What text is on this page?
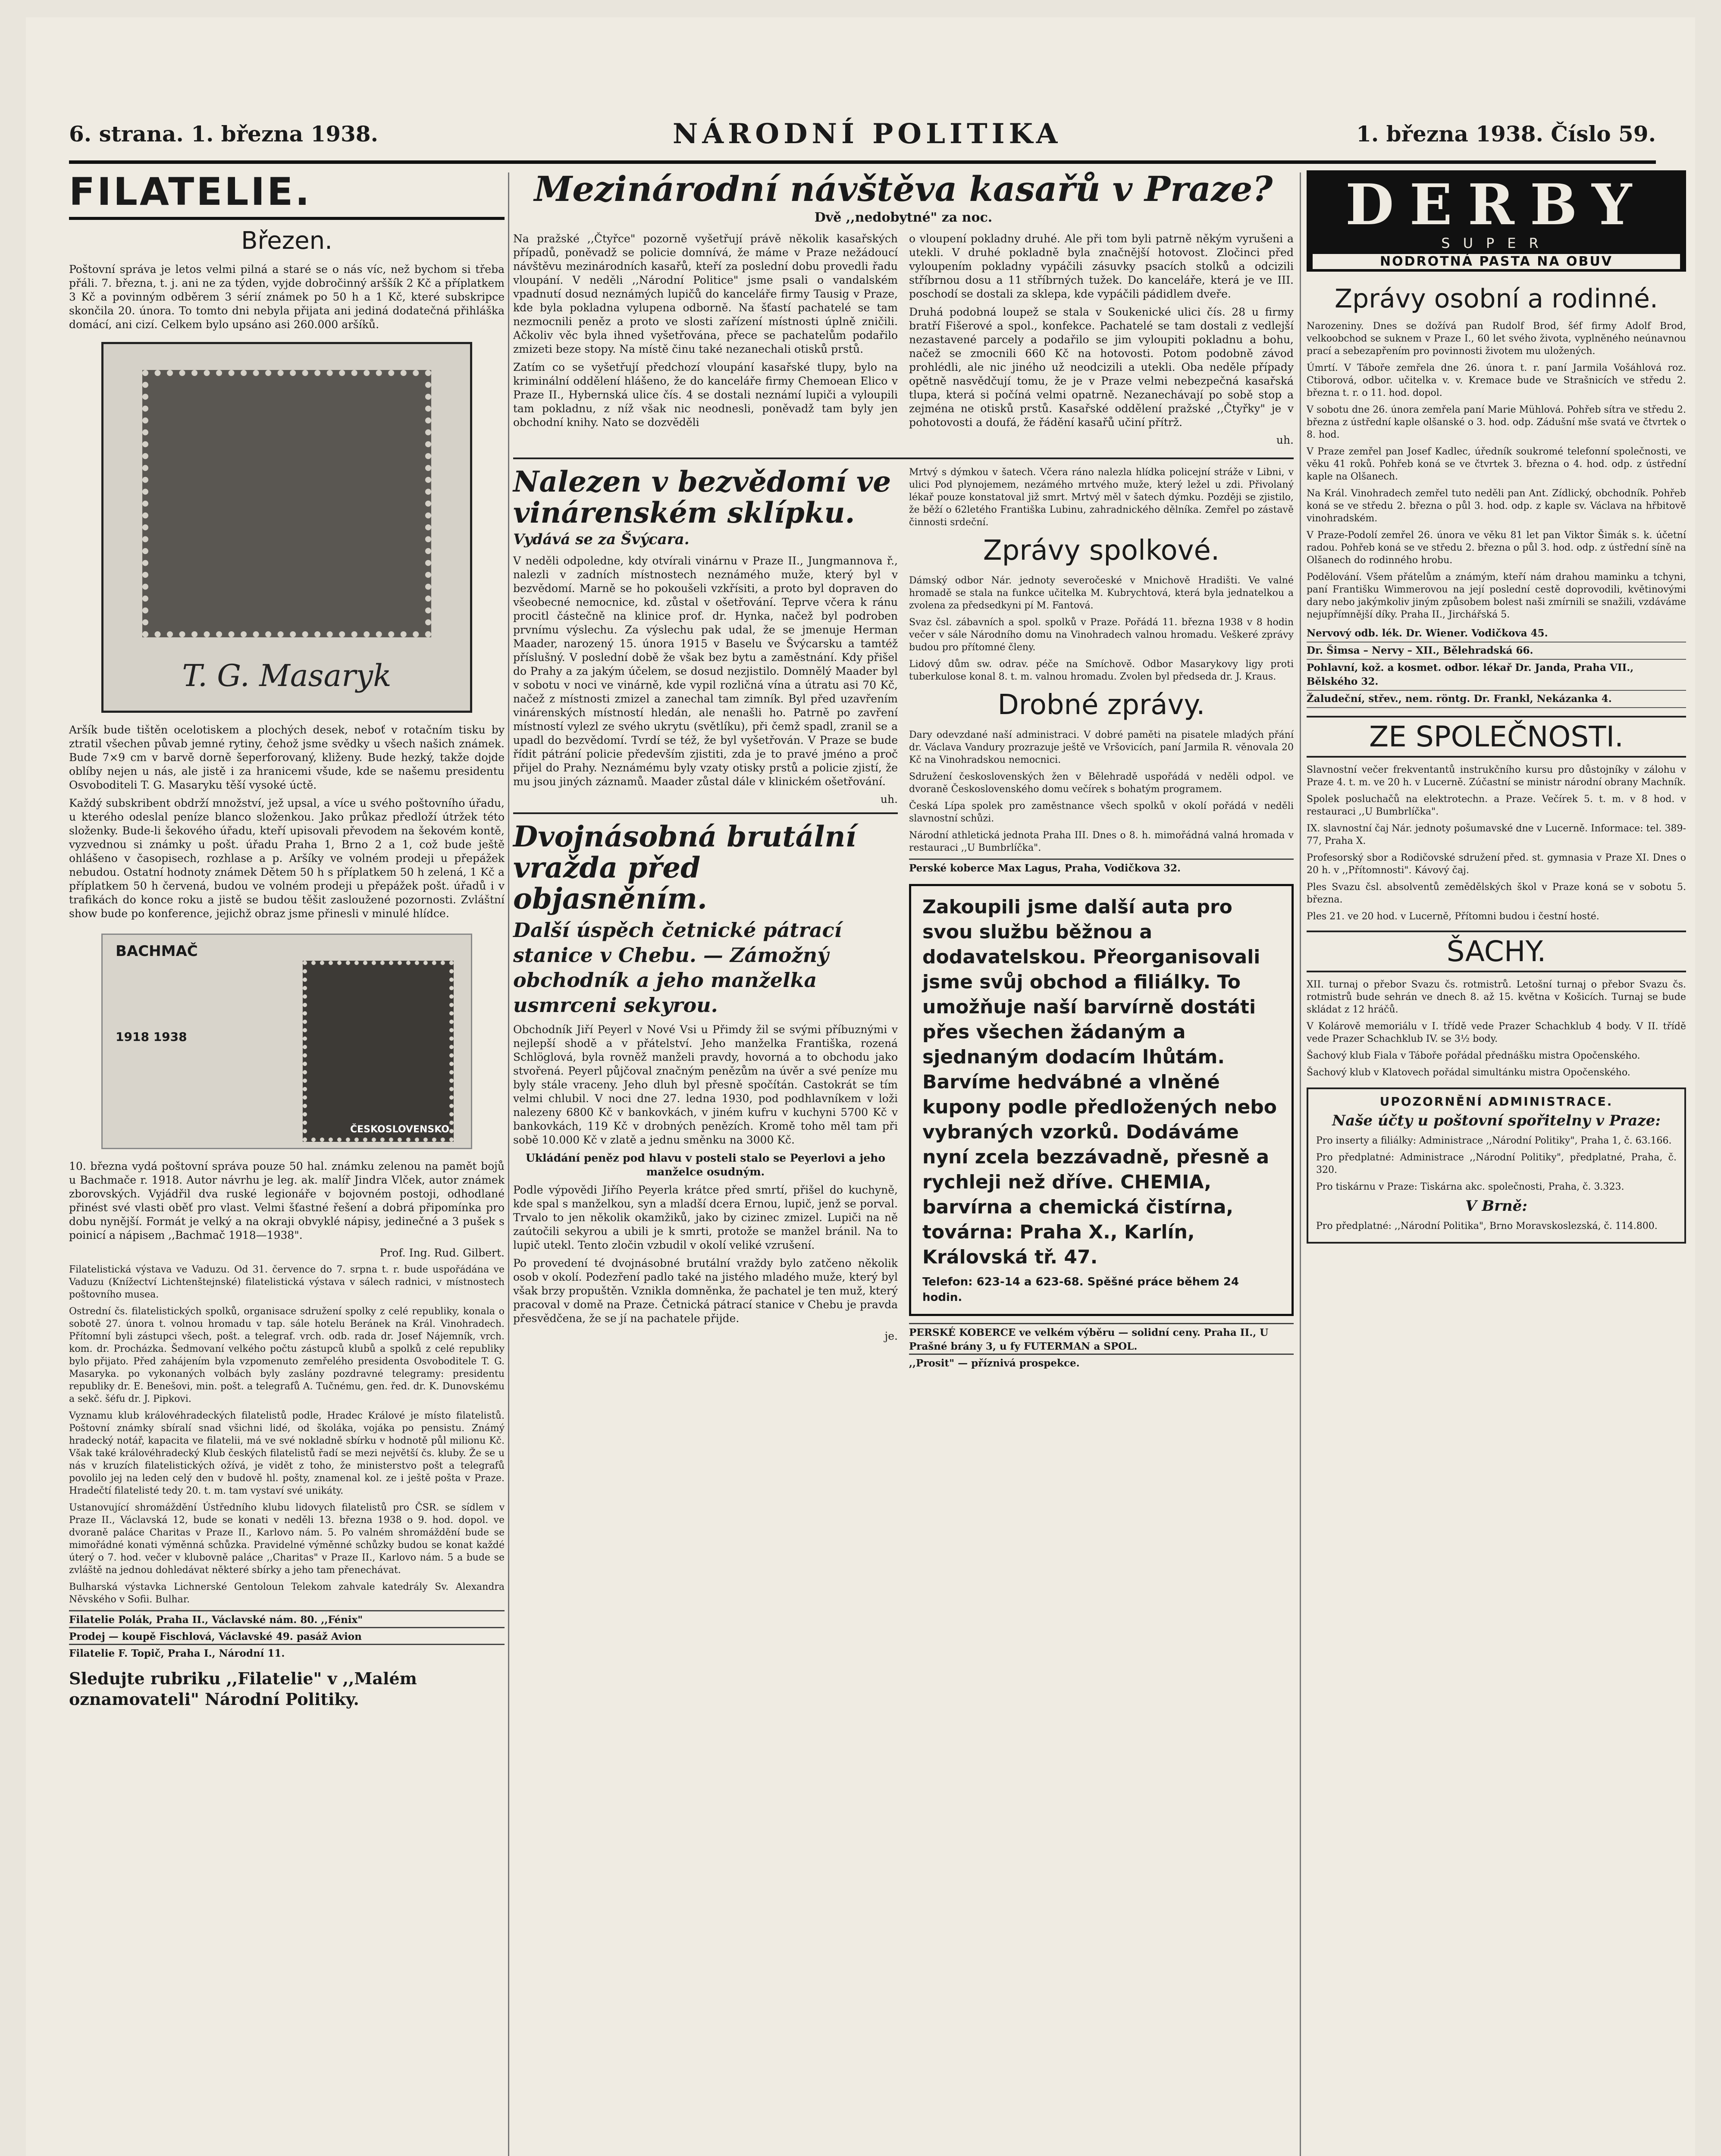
6. strana. 1. března 1938.	NÁRODNÍ POLITIKA	1. března 1938. Číslo 59.
FILATELIE.
Březen.

Poštovní správa je letos velmi pilná a staré se o nás víc, než bychom si třeba přáli. 7. března, t. j. ani ne za týden, vyjde dobročinný arššík 2 Kč a příplatkem 3 Kč a povinným odběrem 3 sérií známek po 50 h a 1 Kč, které subskripce skončila 20. února. To tomto dni nebyla přijata ani jediná dodatečná přihláška domácí, ani cizí. Celkem bylo upsáno asi 260.000 aršíků.

T. G. Masaryk

Aršík bude tištěn ocelotiskem a plochých desek, neboť v rotačním tisku by ztratil všechen půvab jemné rytiny, čehož jsme svědky u všech našich známek. Bude 7×9 cm v barvě dorně šeperforovaný, kliženy. Bude hezký, takže dojde oblíby nejen u nás, ale jistě i za hranicemi všude, kde se našemu presidentu Osvoboditeli T. G. Masaryku těší vysoké úctě.

Každý subskribent obdrží množství, jež upsal, a více u svého poštovního úřadu, u kterého odeslal peníze blanco složenkou. Jako průkaz předloží útržek této složenky. Bude-li šekového úřadu, kteří upisovali převodem na šekovém kontě, vyzvednou si známky u pošt. úřadu Praha 1, Brno 2 a 1, což bude ještě ohlášeno v časopisech, rozhlase a p. Aršíky ve volném prodeji u přepážek nebudou. Ostatní hodnoty známek Dětem 50 h s příplatkem 50 h zelená, 1 Kč a příplatkem 50 h červená, budou ve volném prodeji u přepážek pošt. úřadů i v trafikách do konce roku a jistě se budou těšit zasloužené pozornosti. Zvláštní show bude po konference, jejichž obraz jsme přinesli v minulé hlídce.

BACHMAČ
1918 1938
ČESKOSLOVENSKO

10. března vydá poštovní správa pouze 50 hal. známku zelenou na pamět bojů u Bachmače r. 1918. Autor návrhu je leg. ak. malíř Jindra Vlček, autor známek zborovských. Vyjádřil dva ruské legionáře v bojovném postoji, odhodlané přinést své vlasti oběť pro vlast. Velmi šťastné řešení a dobrá připomínka pro dobu nynější. Formát je velký a na okraji obvyklé nápisy, jedinečné a 3 pušek s poinicí a nápisem ,,Bachmač 1918—1938".

Prof. Ing. Rud. Gilbert.

Filatelistická výstava ve Vaduzu. Od 31. července do 7. srpna t. r. bude uspořádána ve Vaduzu (Knížectví Lichtenštejnské) filatelistická výstava v sálech radnici, v místnostech poštovního musea.

Ostrední čs. filatelistických spolků, organisace sdružení spolky z celé republiky, konala o sobotě 27. února t. volnou hromadu v tap. sále hotelu Beránek na Král. Vinohradech. Přítomní byli zástupci všech, pošt. a telegraf. vrch. odb. rada dr. Josef Nájemník, vrch. kom. dr. Procházka. Šedmovaní velkého počtu zástupců klubů a spolků z celé republiky bylo přijato. Před zahájením byla vzpomenuto zemřelého presidenta Osvoboditele T. G. Masaryka. po vykonaných volbách byly zaslány pozdravné telegramy: presidentu republiky dr. E. Benešovi, min. pošt. a telegrafů A. Tučnému, gen. řed. dr. K. Dunovskému a sekč. šéfu dr. J. Pipkovi.

Vyznamu klub královéhradeckých filatelistů podle, Hradec Králové je místo filatelistů. Poštovní známky sbíralí snad všichni lidé, od školáka, vojáka po pensistu. Známý hradecký notář, kapacita ve filatelii, má ve své nokladně sbírku v hodnotě půl milionu Kč. Však také královéhradecký Klub českých filatelistů řadí se mezi největší čs. kluby. Že se u nás v kruzích filatelistických ožívá, je vidět z toho, že ministerstvo pošt a telegrafů povolilo jej na leden celý den v budově hl. pošty, znamenal kol. ze i ještě pošta v Praze. Hradečtí filatelisté tedy 20. t. m. tam vystaví své unikáty.

Ustanovující shromáždění Ústředního klubu lidovych filatelistů pro ČSR. se sídlem v Praze II., Václavská 12, bude se konati v neděli 13. března 1938 o 9. hod. dopol. ve dvoraně paláce Charitas v Praze II., Karlovo nám. 5. Po valném shromáždění bude se mimořádné konati výměnná schůzka. Pravidelné výměnné schůzky budou se konat každé úterý o 7. hod. večer v klubovně paláce ,,Charitas" v Praze II., Karlovo nám. 5 a bude se zvláště na jednou dohledávat některé sbírky a jeho tam přenechávat.

Bulharská výstavka Lichnerské Gentoloun Telekom zahvale katedrály Sv. Alexandra Něvského v Sofii. Bulhar.

Filatelie Polák, Praha II., Václavské nám. 80. ,,Fénix"
Prodej — koupě Fischlová, Václavské 49. pasáž Avion
Filatelie F. Topič, Praha I., Národní 11.
Sledujte rubriku ,,Filatelie" v ,,Malém oznamovateli" Národní Politiky.
Mezinárodní návštěva kasařů v Praze?
Dvě ,,nedobytné" za noc.

Na pražské ,,Čtyřce" pozorně vyšetřují právě několik kasařských případů, poněvadž se policie domnívá, že máme v Praze nežádoucí návštěvu mezinárodních kasařů, kteří za poslední dobu provedli řadu vloupání. V neděli ,,Národní Politice" jsme psali o vandalském vpadnutí dosud neznámých lupičů do kanceláře firmy Tausig v Praze, kde byla pokladna vylupena odborně. Na šťastí pachatelé se tam nezmocnili peněz a proto ve slosti zařízení místnosti úplně zničili. Ačkoliv věc byla ihned vyšetřována, přece se pachatelům podařilo zmizeti beze stopy. Na místě činu také nezanechali otisků prstů.

Zatím co se vyšetřují předchozí vloupání kasařské tlupy, bylo na kriminální oddělení hlášeno, že do kanceláře firmy Chemoean Elico v Praze II., Hybernská ulice čís. 4 se dostali neznámí lupiči a vyloupili tam pokladnu, z níž však nic neodnesli, poněvadž tam byly jen obchodní knihy. Nato se dozvěděli

o vloupení pokladny druhé. Ale při tom byli patrně někým vyrušeni a utekli. V druhé pokladně byla značnější hotovost. Zločinci před vyloupením pokladny vypáčili zásuvky psacích stolků a odcizili stříbrnou dosu a 11 stříbrných tužek. Do kanceláře, která je ve III. poschodí se dostali za sklepa, kde vypáčili pádidlem dveře.

Druhá podobná loupež se stala v Soukenické ulici čís. 28 u firmy bratří Fišerové a spol., konfekce. Pachatelé se tam dostali z vedlejší nezastavené parcely a podařilo se jim vyloupiti pokladnu a bohu, načež se zmocnili 660 Kč na hotovosti. Potom podobně závod prohlédli, ale nic jiného už neodcizili a utekli. Oba neděle případy opětně nasvědčují tomu, že je v Praze velmi nebezpečná kasařská tlupa, která si počíná velmi opatrně. Nezanechávají po sobě stop a zejména ne otisků prstů. Kasařské oddělení pražské ,,Čtyřky" je v pohotovosti a doufá, že řádění kasařů učiní přítrž.

uh.
Nalezen v bezvědomí ve vinárenském sklípku.
Vydává se za Švýcara.

V neděli odpoledne, kdy otvírali vinárnu v Praze II., Jungmannova ř., nalezli v zadních místnostech neznámého muže, který byl v bezvědomí. Marně se ho pokoušeli vzkřísiti, a proto byl dopraven do všeobecné nemocnice, kd. zůstal v ošetřování. Teprve včera k ránu procitl částečně na klinice prof. dr. Hynka, načež byl podroben prvnímu výslechu. Za výslechu pak udal, že se jmenuje Herman Maader, narozený 15. února 1915 v Baselu ve Švýcarsku a tamtéž příslušný. V poslední době že však bez bytu a zaměstnání. Kdy přišel do Prahy a za jakým účelem, se dosud nezjistilo. Domnělý Maader byl v sobotu v noci ve vinárně, kde vypil rozličná vína a útratu asi 70 Kč, načež z místnosti zmizel a zanechal tam zimník. Byl před uzavřením vinárenských místností hledán, ale nenašli ho. Patrně po zavření místností vylezl ze svého ukrytu (světlíku), při čemž spadl, zranil se a upadl do bezvědomí. Tvrdí se též, že byl vyšetřován. V Praze se bude řídit pátrání policie především zjistiti, zda je to pravé jméno a proč přijel do Prahy. Neznámému byly vzaty otisky prstů a policie zjistí, že mu jsou jiných záznamů. Maader zůstal dále v klinickém ošetřování.

uh.
Dvojnásobná brutální vražda před objasněním.
Další úspěch četnické pátrací stanice v Chebu. — Zámožný obchodník a jeho manželka usmrceni sekyrou.

Obchodník Jiří Peyerl v Nové Vsi u Přimdy žil se svými příbuznými v nejlepší shodě a v přátelství. Jeho manželka Františka, rozená Schlöglová, byla rovněž manželi pravdy, hovorná a to obchodu jako stvořená. Peyerl půjčoval značným penězům na úvěr a své peníze mu byly stále vraceny. Jeho dluh byl přesně spočítán. Castokrát se tím velmi chlubil. V noci dne 27. ledna 1930, pod podhlavníkem v loži nalezeny 6800 Kč v bankovkách, v jiném kufru v kuchyni 5700 Kč v bankovkách, 119 Kč v drobných penězích. Kromě toho měl tam při sobě 10.000 Kč v zlatě a jednu směnku na 3000 Kč.

Ukládání peněz pod hlavu v posteli stalo se Peyerlovi a jeho manželce osudným.

Podle výpovědi Jiřího Peyerla krátce před smrtí, přišel do kuchyně, kde spal s manželkou, syn a mladší dcera Ernou, lupič, jenž se porval. Trvalo to jen několik okamžiků, jako by cizinec zmizel. Lupiči na ně zaútočili sekyrou a ubili je k smrti, protože se manžel bránil. Na to lupič utekl. Tento zločin vzbudil v okolí veliké vzrušení.

Po provedení té dvojnásobné brutální vraždy bylo zatčeno několik osob v okolí. Podezření padlo také na jistého mladého muže, který byl však brzy propuštěn. Vznikla domněnka, že pachatel je ten muž, který pracoval v domě na Praze. Četnická pátrací stanice v Chebu je pravda přesvědčena, že se jí na pachatele přijde.

je.

Mrtvý s dýmkou v šatech. Včera ráno nalezla hlídka policejní stráže v Libni, v ulici Pod plynojemem, nezámého mrtvého muže, který ležel u zdi. Přivolaný lékař pouze konstatoval již smrt. Mrtvý měl v šatech dýmku. Později se zjistilo, že běží o 62letého Františka Lubinu, zahradnického dělníka. Zemřel po zástavě činnosti srdeční.

Zprávy spolkové.

Dámský odbor Nár. jednoty severočeské v Mnichově Hradišti. Ve valné hromadě se stala na funkce učitelka M. Kubrychtová, která byla jednatelkou a zvolena za předsedkyni pí M. Fantová.

Svaz čsl. zábavních a spol. spolků v Praze. Pořádá 11. března 1938 v 8 hodin večer v sále Národního domu na Vinohradech valnou hromadu. Veškeré zprávy budou pro přítomné členy.

Lidový dům sw. odrav. péče na Smíchově. Odbor Masarykovy ligy proti tuberkulose konal 8. t. m. valnou hromadu. Zvolen byl předseda dr. J. Kraus.

Drobné zprávy.

Dary odevzdané naší administraci. V dobré paměti na pisatele mladých přání dr. Václava Vandury prozrazuje ještě ve Vršovicích, paní Jarmila R. věnovala 20 Kč na Vinohradskou nemocnici.

Sdružení československých žen v Bělehradě uspořádá v neděli odpol. ve dvoraně Československého domu večírek s bohatým programem.

Česká Lípa spolek pro zaměstnance všech spolků v okolí pořádá v neděli slavnostní schůzi.

Národní athletická jednota Praha III. Dnes o 8. h. mimořádná valná hromada v restauraci ,,U Bumbrlíčka".

Perské koberce Max Lagus, Praha, Vodičkova 32.
Zakoupili jsme další auta pro svou službu běžnou a dodavatelskou. Přeorganisovali jsme svůj obchod a filiálky. To umožňuje naší barvírně dostáti přes všechen žádaným a sjednaným dodacím lhůtám. Barvíme hedvábné a vlněné kupony podle předložených nebo vybraných vzorků. Dodáváme nyní zcela bezzávadně, přesně a rychleji než dříve. CHEMIA, barvírna a chemická čistírna, továrna: Praha X., Karlín, Královská tř. 47.
Telefon: 623-14 a 623-68. Spěšné práce během 24 hodin.
PERSKÉ KOBERCE ve velkém výběru — solidní ceny. Praha II., U Prašné brány 3, u fy FUTERMAN a SPOL.
,,Prosit" — příznivá prospekce.
DERBY
SUPER
NODROTNÁ PASTA NA OBUV
Zprávy osobní a rodinné.

Narozeniny. Dnes se dožívá pan Rudolf Brod, šéf firmy Adolf Brod, velkoobchod se suknem v Praze I., 60 let svého života, vyplněného neúnavnou prací a sebezapřením pro povinnosti životem mu uložených.

Úmrtí. V Táboře zemřela dne 26. února t. r. paní Jarmila Vošáhlová roz. Ctiborová, odbor. učitelka v. v. Kremace bude ve Strašnicích ve středu 2. března t. r. o 11. hod. dopol.

V sobotu dne 26. února zemřela paní Marie Mühlová. Pohřeb sítra ve středu 2. března z ústřední kaple olšanské o 3. hod. odp. Zádušní mše svatá ve čtvrtek o 8. hod.

V Praze zemřel pan Josef Kadlec, úředník soukromé telefonní společnosti, ve věku 41 roků. Pohřeb koná se ve čtvrtek 3. března o 4. hod. odp. z ústřední kaple na Olšanech.

Na Král. Vinohradech zemřel tuto neděli pan Ant. Zídlický, obchodník. Pohřeb koná se ve středu 2. března o půl 3. hod. odp. z kaple sv. Václava na hřbitově vinohradském.

V Praze-Podolí zemřel 26. února ve věku 81 let pan Viktor Šimák s. k. účetní radou. Pohřeb koná se ve středu 2. března o půl 3. hod. odp. z ústřední síně na Olšanech do rodinného hrobu.

Podělování. Všem přátelům a známým, kteří nám drahou maminku a tchyni, paní Františku Wimmerovou na její poslední cestě doprovodili, květinovými dary nebo jakýmkoliv jiným způsobem bolest naši zmírnili se snažili, vzdáváme nejupřímnější díky. Praha II., Jirchářská 5.

Nervový odb. lék. Dr. Wiener. Vodičkova 45.
Dr. Šimsa – Nervy – XII., Bělehradská 66.
Pohlavní, kož. a kosmet. odbor. lékař Dr. Janda, Praha VII., Bělského 32.
Žaludeční, střev., nem. röntg. Dr. Frankl, Nekázanka 4.
ZE SPOLEČNOSTI.

Slavnostní večer frekventantů instrukčního kursu pro důstojníky v zálohu v Praze 4. t. m. ve 20 h. v Lucerně. Zúčastní se ministr národní obrany Machník.

Spolek posluchačů na elektrotechn. a Praze. Večírek 5. t. m. v 8 hod. v restauraci ,,U Bumbrlíčka".

IX. slavnostní čaj Nár. jednoty pošumavské dne v Lucerně. Informace: tel. 389-77, Praha X.

Profesorský sbor a Rodičovské sdružení před. st. gymnasia v Praze XI. Dnes o 20 h. v ,,Přítomnosti". Kávový čaj.

Ples Svazu čsl. absolventů zemědělských škol v Praze koná se v sobotu 5. března.

Ples 21. ve 20 hod. v Lucerně, Přítomni budou i čestní hosté.

ŠACHY.

XII. turnaj o přebor Svazu čs. rotmistrů. Letošní turnaj o přebor Svazu čs. rotmistrů bude sehrán ve dnech 8. až 15. května v Košicích. Turnaj se bude skládat z 12 hráčů.

V Kolárově memoriálu v I. třídě vede Prazer Schachklub 4 body. V II. třídě vede Prazer Schachklub IV. se 3½ body.

Šachový klub Fiala v Táboře pořádal přednášku mistra Opočenského.

Šachový klub v Klatovech pořádal simultánku mistra Opočenského.

UPOZORNĚNÍ ADMINISTRACE.
Naše účty u poštovní spořitelny v Praze:

Pro inserty a filiálky: Administrace ,,Národní Politiky", Praha 1, č. 63.166.

Pro předplatné: Administrace ,,Národní Politiky", předplatné, Praha, č. 320.

Pro tiskárnu v Praze: Tiskárna akc. společnosti, Praha, č. 3.323.

V Brně:

Pro předplatné: ,,Národní Politika", Brno Moravskoslezská, č. 114.800.
